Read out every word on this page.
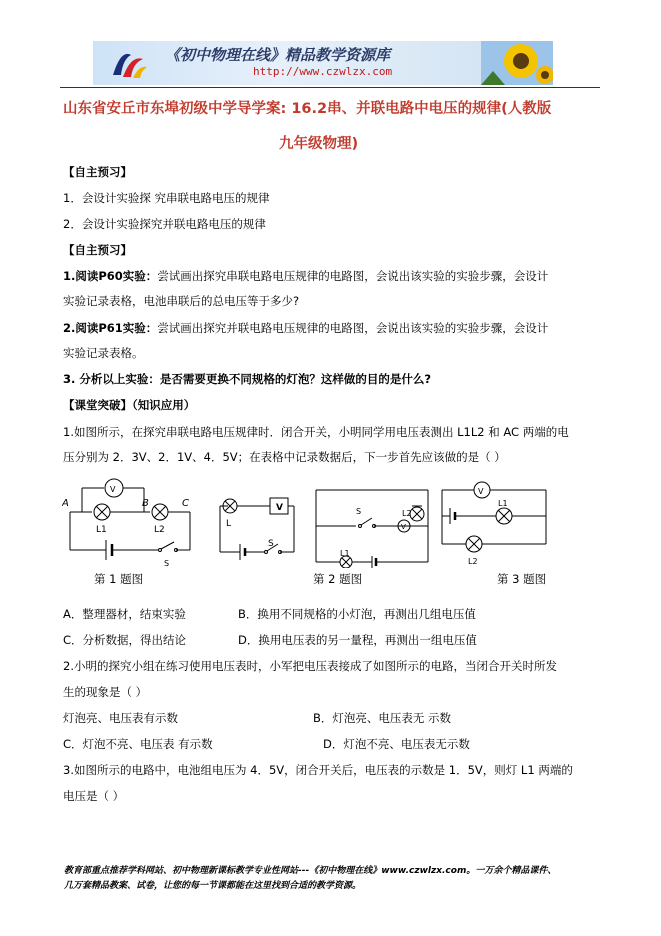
《初中物理在线》精品教学资源库
http://www.czwlzx.com
山东省安丘市东埠初级中学导学案: 16.2串、并联电路中电压的规律(人教版
九年级物理)
【自主预习】
1．会设计实验探 究串联电路电压的规律
2．会设计实验探究并联电路电压的规律
【自主预习】
1.阅读P60实验：尝试画出探究串联电路电压规律的电路图，会说出该实验的实验步骤，会设计
实验记录表格，电池串联后的总电压等于多少?
2.阅读P61实验：尝试画出探究并联电路电压规律的电路图，会说出该实验的实验步骤，会设计
实验记录表格。
3. 分析以上实验：是否需要更换不同规格的灯泡？这样做的目的是什么?
【课堂突破】（知识应用）
1.如图所示，在探究串联电路电压规律时．闭合开关，小明同学用电压表测出 L1L2 和 AC 两端的电
压分别为 2．3V、2．1V、4．5V；在表格中记录数据后，下一步首先应该做的是（ ）
A	B	C
V
L1	L2
S
V
L
S
S
V
L1
L2
V
L1
L2
第 1 题图	第 2 题图	第 3 题图
A．整理器材，结束实验	B．换用不同规格的小灯泡，再测出几组电压值
C．分析数据，得出结论	D．换用电压表的另一量程，再测出一组电压值
2.小明的探究小组在练习使用电压表时，小军把电压表接成了如图所示的电路，当闭合开关时所发
生的现象是（ ）
灯泡亮、电压表有示数	B．灯泡亮、电压表无 示数
C．灯泡不亮、电压表 有示数	D．灯泡不亮、电压表无示数
3.如图所示的电路中，电池组电压为 4．5V，闭合开关后，电压表的示数是 1．5V，则灯 L1 两端的
电压是（ ）
教育部重点推荐学科网站、初中物理新课标教学专业性网站---《初中物理在线》www.czwlzx.com。一万余个精品课件、
几万套精品教案、试卷，让您的每一节课都能在这里找到合适的教学资源。
